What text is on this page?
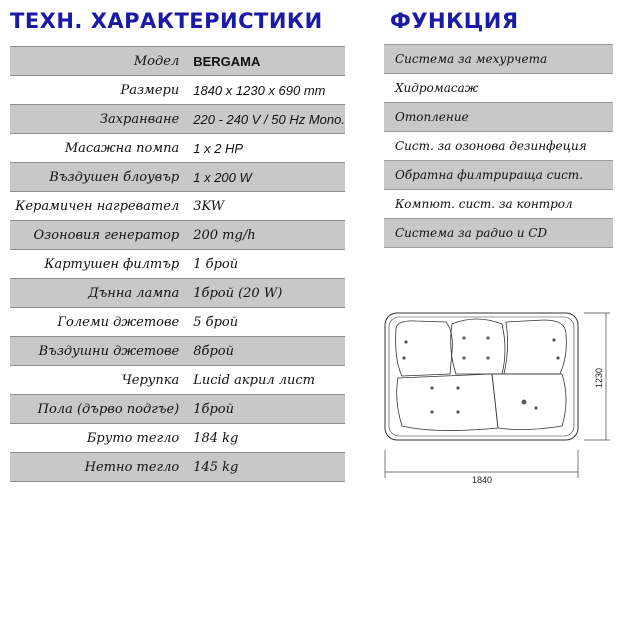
ТЕХН. ХАРАКТЕРИСТИКИ	ФУНКЦИЯ
Модел	BERGAMA
Размери	1840 x 1230 x 690 mm
Захранване	220 - 240 V / 50 Hz Mono.
Масажна помпа	1 x 2 HP
Въздушен блоувър	1 x 200 W
Керамичен нагревател	3KW
Озоновия генератор	200 mg/h
Картушен филтър	1 брой
Дънна лампа	1брой (20 W)
Големи джетове	5 брой
Въздушни джетове	8брой
Черупка	Lucid акрил лист
Пола (дърво подгъе)	1брой
Бруто тегло	184 kg
Нетно тегло	145 kg
Система за мехурчета
Хидромасаж
Отопление
Сист. за озонова дезинфеция
Обратна филтрираща сист.
Компют. сист. за контрол
Система за радио и CD
1840
1230
